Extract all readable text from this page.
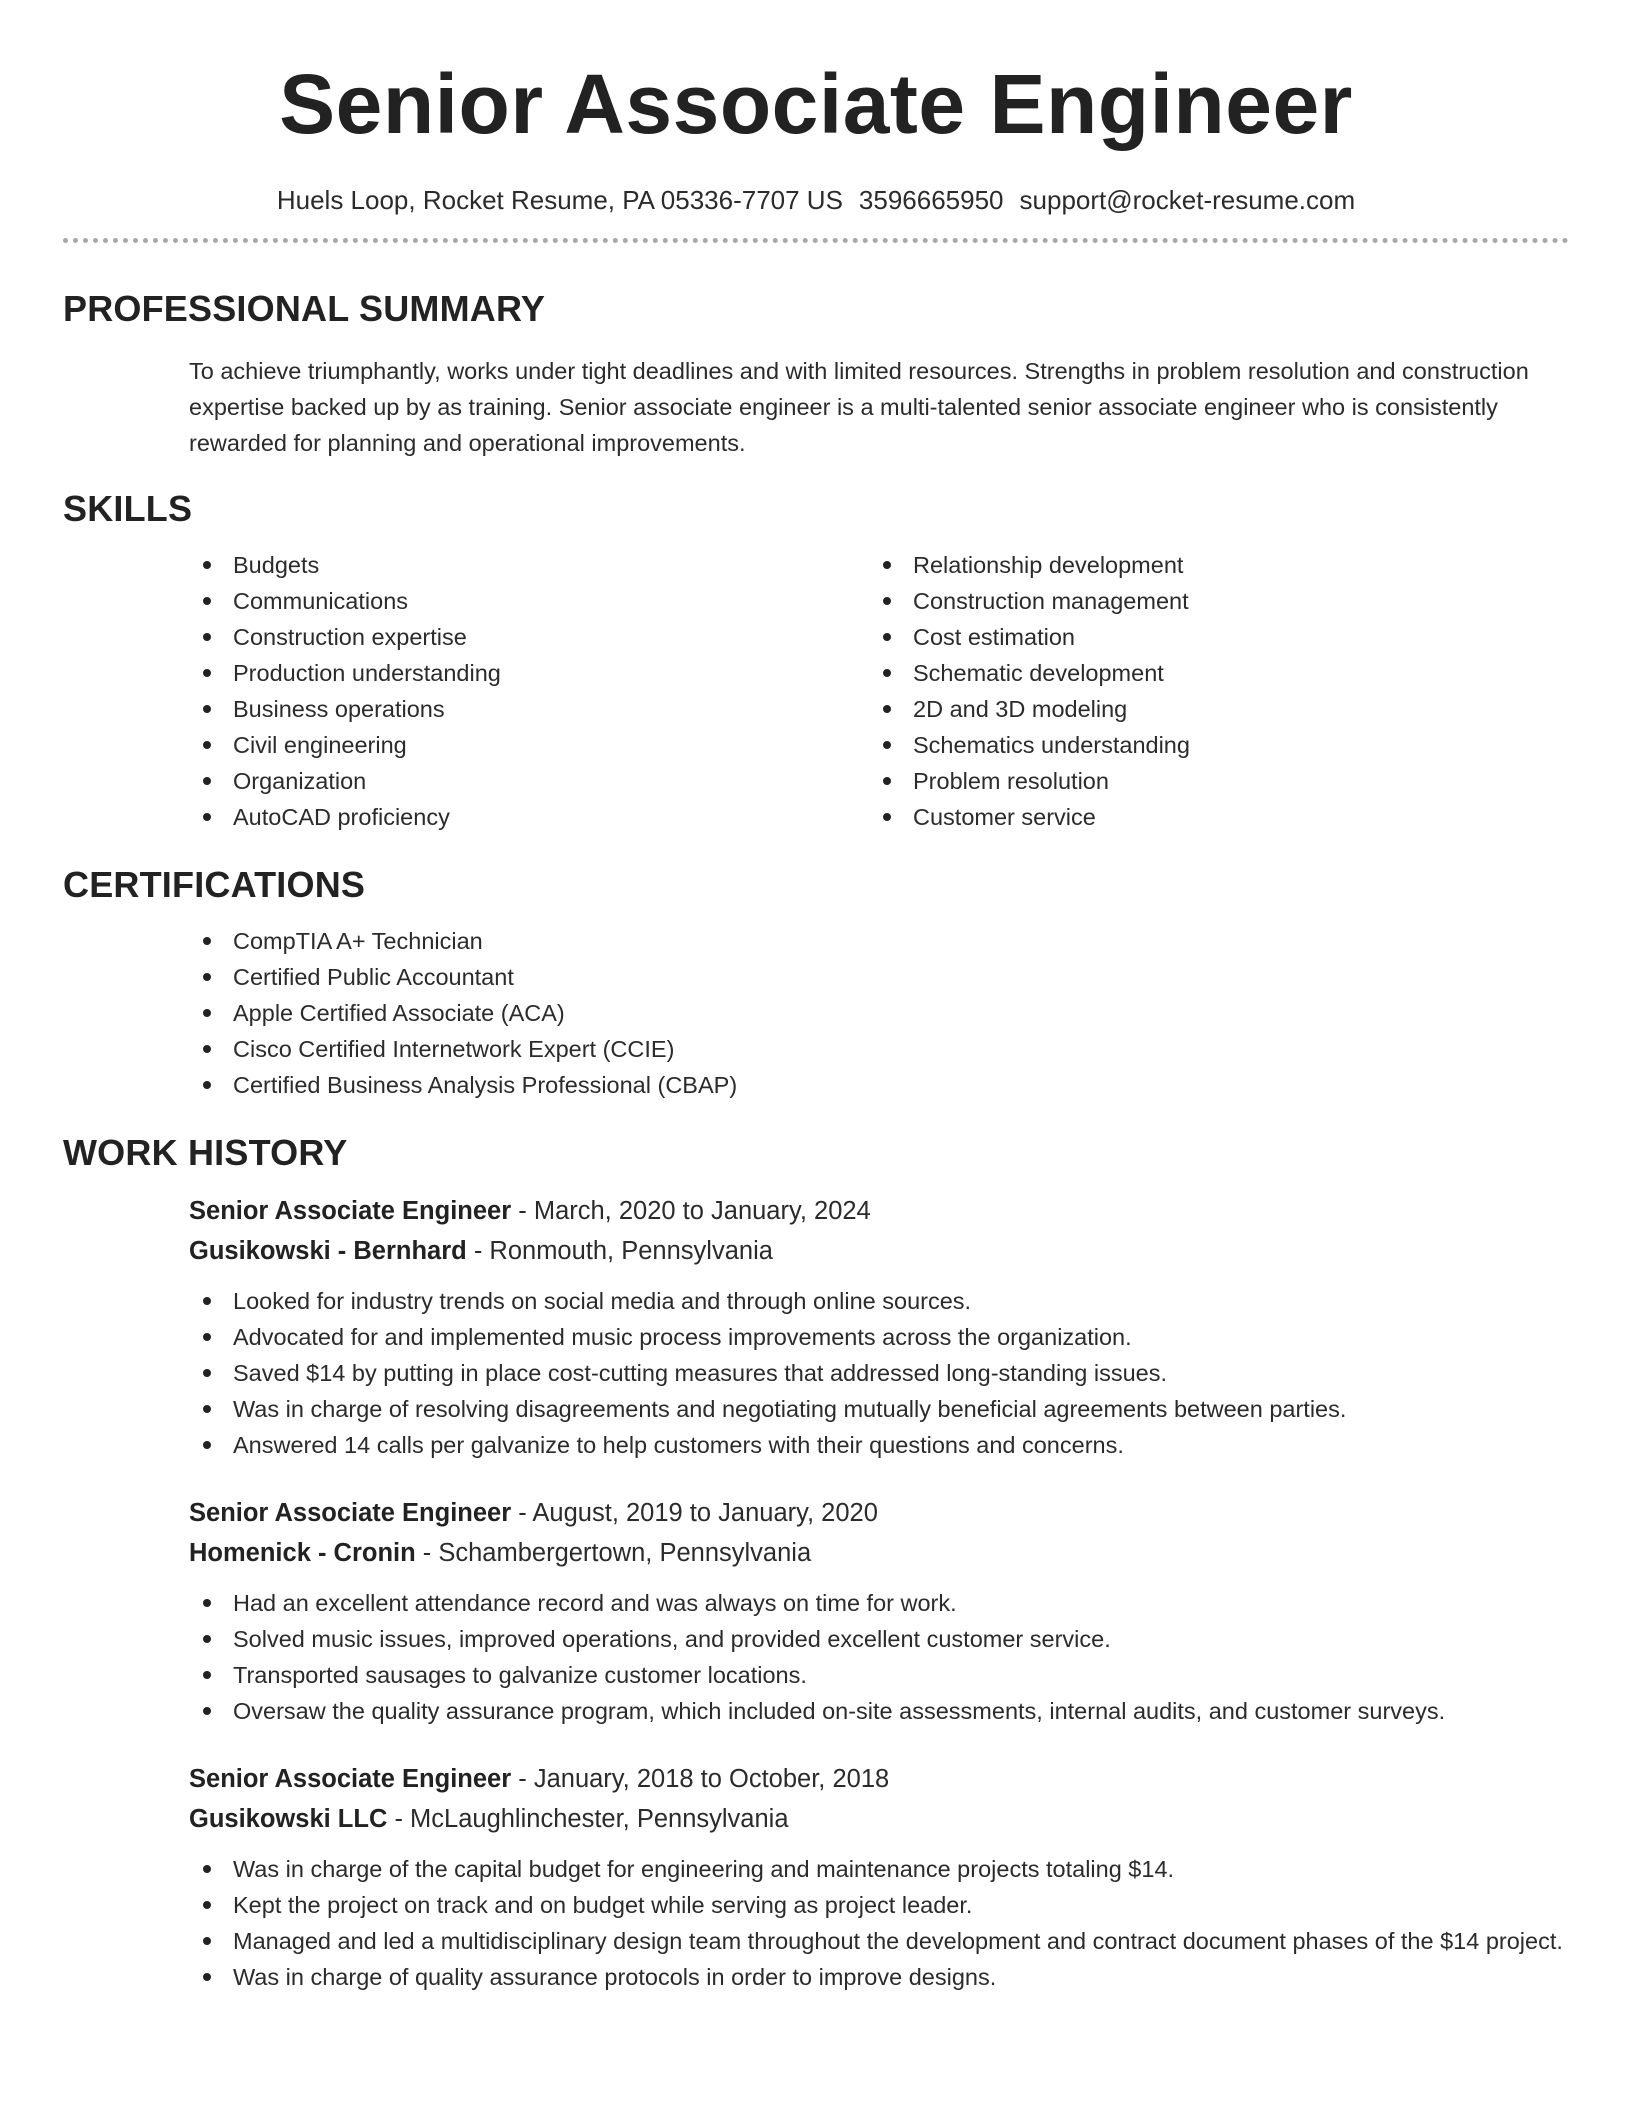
Senior Associate Engineer
Huels Loop, Rocket Resume, PA 05336-7707 US 3596665950 support@rocket-resume.com
PROFESSIONAL SUMMARY

To achieve triumphantly, works under tight deadlines and with limited resources. Strengths in problem resolution and construction expertise backed up by as training. Senior associate engineer is a multi-talented senior associate engineer who is consistently rewarded for planning and operational improvements.

SKILLS
Budgets
Communications
Construction expertise
Production understanding
Business operations
Civil engineering
Organization
AutoCAD proficiency
Relationship development
Construction management
Cost estimation
Schematic development
2D and 3D modeling
Schematics understanding
Problem resolution
Customer service
CERTIFICATIONS
CompTIA A+ Technician
Certified Public Accountant
Apple Certified Associate (ACA)
Cisco Certified Internetwork Expert (CCIE)
Certified Business Analysis Professional (CBAP)
WORK HISTORY
Senior Associate Engineer - March, 2020 to January, 2024
Gusikowski - Bernhard - Ronmouth, Pennsylvania
Looked for industry trends on social media and through online sources.
Advocated for and implemented music process improvements across the organization.
Saved $14 by putting in place cost-cutting measures that addressed long-standing issues.
Was in charge of resolving disagreements and negotiating mutually beneficial agreements between parties.
Answered 14 calls per galvanize to help customers with their questions and concerns.
Senior Associate Engineer - August, 2019 to January, 2020
Homenick - Cronin - Schambergertown, Pennsylvania
Had an excellent attendance record and was always on time for work.
Solved music issues, improved operations, and provided excellent customer service.
Transported sausages to galvanize customer locations.
Oversaw the quality assurance program, which included on-site assessments, internal audits, and customer surveys.
Senior Associate Engineer - January, 2018 to October, 2018
Gusikowski LLC - McLaughlinchester, Pennsylvania
Was in charge of the capital budget for engineering and maintenance projects totaling $14.
Kept the project on track and on budget while serving as project leader.
Managed and led a multidisciplinary design team throughout the development and contract document phases of the $14 project.
Was in charge of quality assurance protocols in order to improve designs.
